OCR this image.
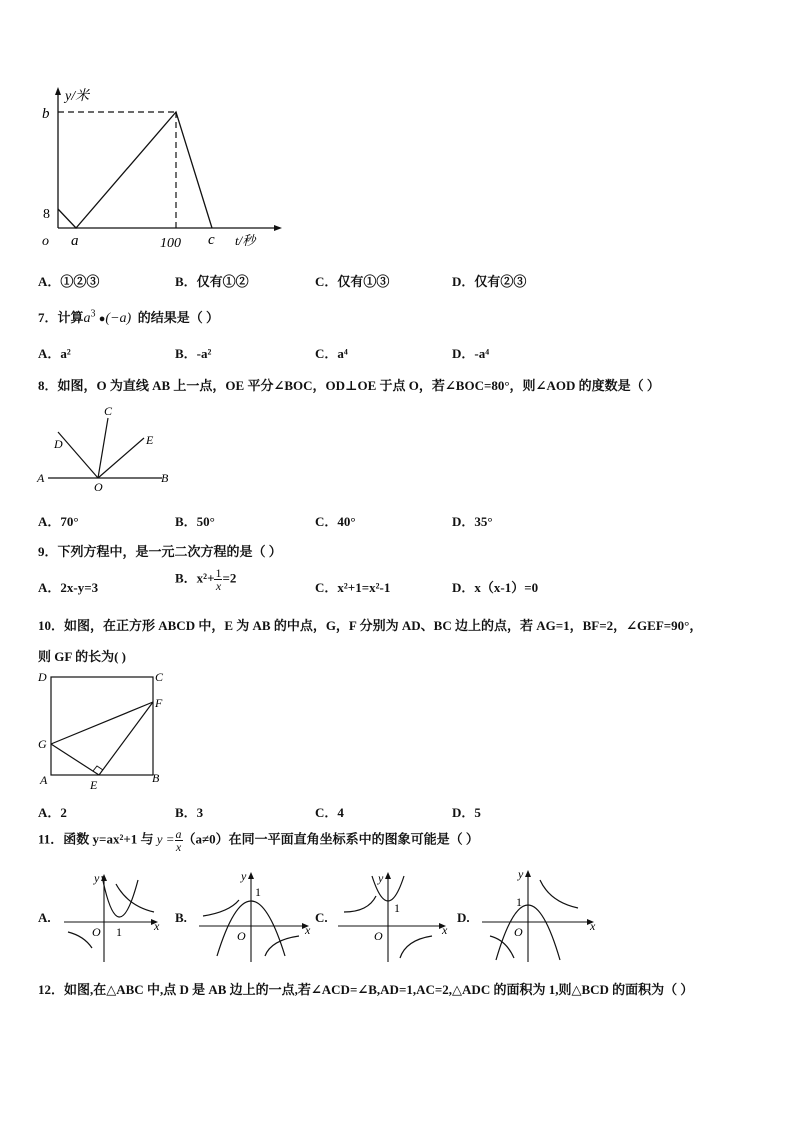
y/米
b
8
o a	100 c t/秒
A．①②③	B．仅有①②	C．仅有①③	D．仅有②③
7．计算$a^3$ ●(−a) 的结果是（ ）
A．a²	B．-a²	C．a⁴	D．-a⁴
8．如图，O 为直线 AB 上一点，OE 平分∠BOC，OD⊥OE 于点 O，若∠BOC=80°，则∠AOD 的度数是（ ）
C
D	E
A	B
O
A．70°	B．50°	C．40°	D．35°
9．下列方程中，是一元二次方程的是（ ）
A．2x-y=3
B．$x^2+ \frac{1}{x} =2$
C．x²+1=x²-1	D．x（x-1）=0
10．如图，在正方形 ABCD 中，E 为 AB 的中点，G，F 分别为 AD、BC 边上的点，若 AG=1，BF=2，∠GEF=90°，
则 GF 的长为( )
D	C
F
G
A	E	B
A．2	B．3	C．4	D．5
11．函数 y=ax²+1 与 $y = \frac{a}{x} (a\ne 0)$在同一平面直角坐标系中的图象可能是（ ）
A.	B.	C.	D.
y
x
O 1
y
x
O
1
y
x
O
1
y
x
O
1
12．如图,在△ABC 中,点 D 是 AB 边上的一点,若∠ACD=∠B,AD=1,AC=2,△ADC 的面积为 1,则△BCD 的面积为（ ）
